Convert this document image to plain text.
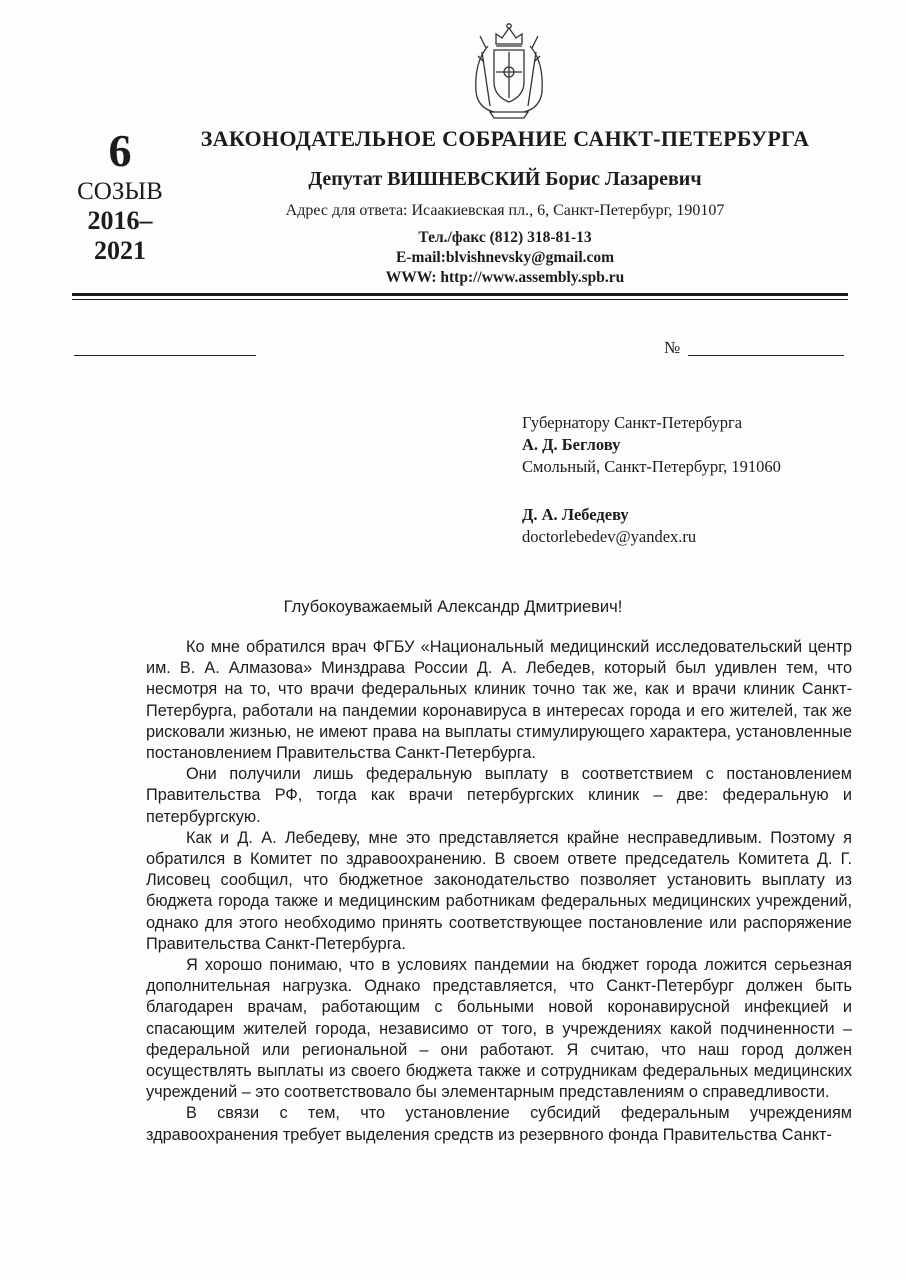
6
СОЗЫВ
2016–
2021
ЗАКОНОДАТЕЛЬНОЕ СОБРАНИЕ САНКТ-ПЕТЕРБУРГА
Депутат ВИШНЕВСКИЙ Борис Лазаревич
Адрес для ответа: Исаакиевская пл., 6, Санкт-Петербург, 190107
Тел./факс (812) 318-81-13
E-mail:blvishnevsky@gmail.com
WWW: http://www.assembly.spb.ru
№
Губернатору Санкт-Петербурга
А. Д. Беглову
Смольный, Санкт-Петербург, 191060
Д. А. Лебедеву
doctorlebedev@yandex.ru
Глубокоуважаемый Александр Дмитриевич!

Ко мне обратился врач ФГБУ «Национальный медицинский исследовательский центр им. В. А. Алмазова» Минздрава России Д. А. Лебедев, который был удивлен тем, что несмотря на то, что врачи федеральных клиник точно так же, как и врачи клиник Санкт-Петербурга, работали на пандемии коронавируса в интересах города и его жителей, так же рисковали жизнью, не имеют права на выплаты стимулирующего характера, установленные постановлением Правительства Санкт-Петербурга.

Они получили лишь федеральную выплату в соответствием с постановлением Правительства РФ, тогда как врачи петербургских клиник – две: федеральную и петербургскую.

Как и Д. А. Лебедеву, мне это представляется крайне несправедливым. Поэтому я обратился в Комитет по здравоохранению. В своем ответе председатель Комитета Д. Г. Лисовец сообщил, что бюджетное законодательство позволяет установить выплату из бюджета города также и медицинским работникам федеральных медицинских учреждений, однако для этого необходимо принять соответствующее постановление или распоряжение Правительства Санкт-Петербурга.

Я хорошо понимаю, что в условиях пандемии на бюджет города ложится серьезная дополнительная нагрузка. Однако представляется, что Санкт-Петербург должен быть благодарен врачам, работающим с больными новой коронавирусной инфекцией и спасающим жителей города, независимо от того, в учреждениях какой подчиненности – федеральной или региональной – они работают. Я считаю, что наш город должен осуществлять выплаты из своего бюджета также и сотрудникам федеральных медицинских учреждений – это соответствовало бы элементарным представлениям о справедливости.

В связи с тем, что установление субсидий федеральным учреждениям здравоохранения требует выделения средств из резервного фонда Правительства Санкт-
